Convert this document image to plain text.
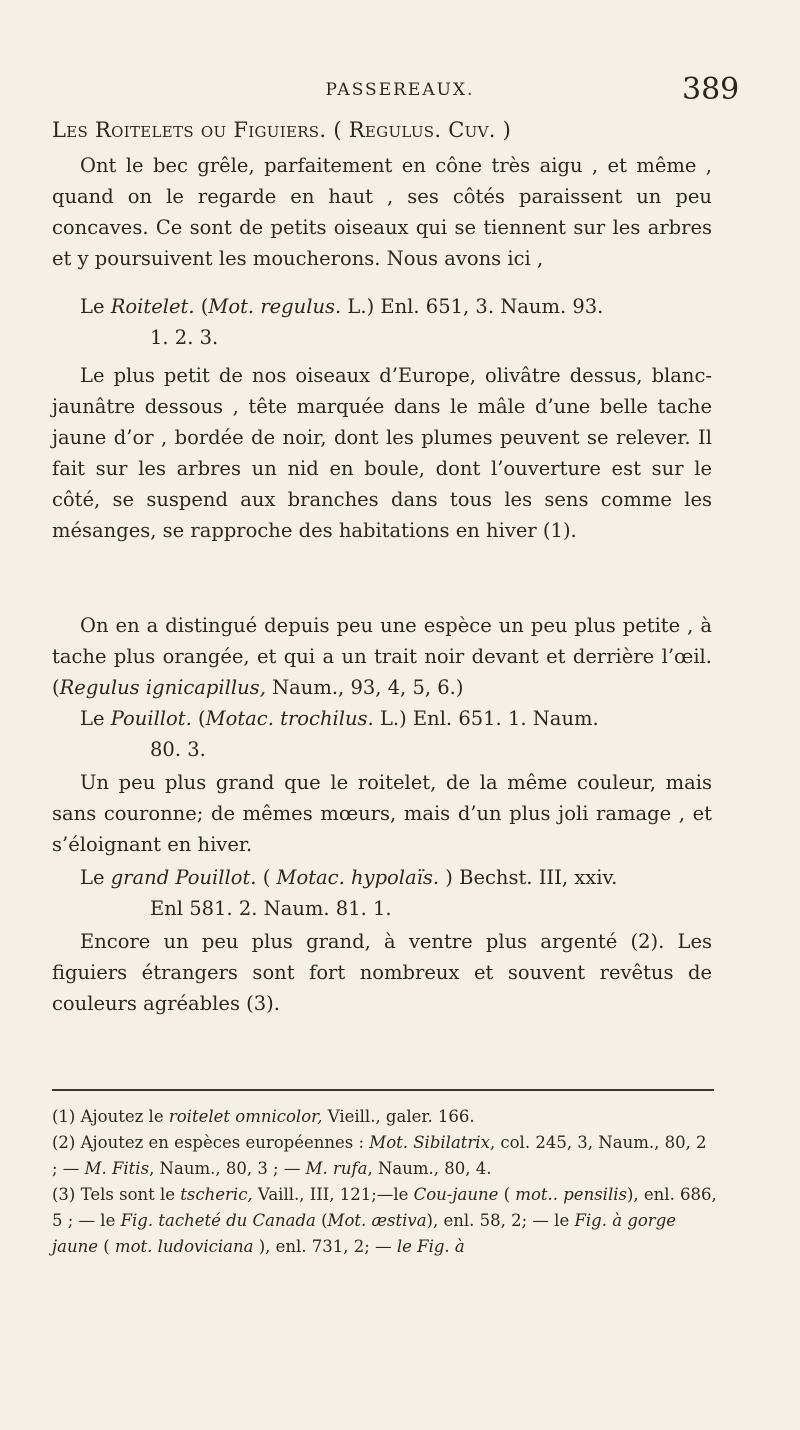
PASSEREAUX.	389
Les Roitelets ou Figuiers. ( Regulus. Cuv. )
Ont le bec grêle, parfaitement en cône très aigu , et même , quand on le regarde en haut , ses côtés paraissent un peu concaves. Ce sont de petits oiseaux qui se tiennent sur les arbres et y poursuivent les moucherons. Nous avons ici ,
Le Roitelet. (Mot. regulus. L.) Enl. 651, 3. Naum. 93.
1. 2. 3.
Le plus petit de nos oiseaux d’Europe, olivâtre dessus, blanc-jaunâtre dessous , tête marquée dans le mâle d’une belle tache jaune d’or , bordée de noir, dont les plumes peuvent se relever. Il fait sur les arbres un nid en boule, dont l’ouverture est sur le côté, se suspend aux branches dans tous les sens comme les mésanges, se rapproche des habitations en hiver (1).
On en a distingué depuis peu une espèce un peu plus petite , à tache plus orangée, et qui a un trait noir devant et derrière l’œil. (Regulus ignicapillus, Naum., 93, 4, 5, 6.)
Le Pouillot. (Motac. trochilus. L.) Enl. 651. 1. Naum.
80. 3.
Un peu plus grand que le roitelet, de la même couleur, mais sans couronne; de mêmes mœurs, mais d’un plus joli ramage , et s’éloignant en hiver.
Le grand Pouillot. ( Motac. hypolaïs. ) Bechst. III, xxiv.
Enl 581. 2. Naum. 81. 1.
Encore un peu plus grand, à ventre plus argenté (2). Les figuiers étrangers sont fort nombreux et souvent revêtus de couleurs agréables (3).

(1) Ajoutez le roitelet omnicolor, Vieill., galer. 166.

(2) Ajoutez en espèces européennes : Mot. Sibilatrix, col. 245, 3, Naum., 80, 2 ; — M. Fitis, Naum., 80, 3 ; — M. rufa, Naum., 80, 4.

(3) Tels sont le tscheric, Vaill., III, 121;—le Cou-jaune ( mot.. pensilis), enl. 686, 5 ; — le Fig. tacheté du Canada (Mot. æstiva), enl. 58, 2; — le Fig. à gorge jaune ( mot. ludoviciana ), enl. 731, 2; — le Fig. à
